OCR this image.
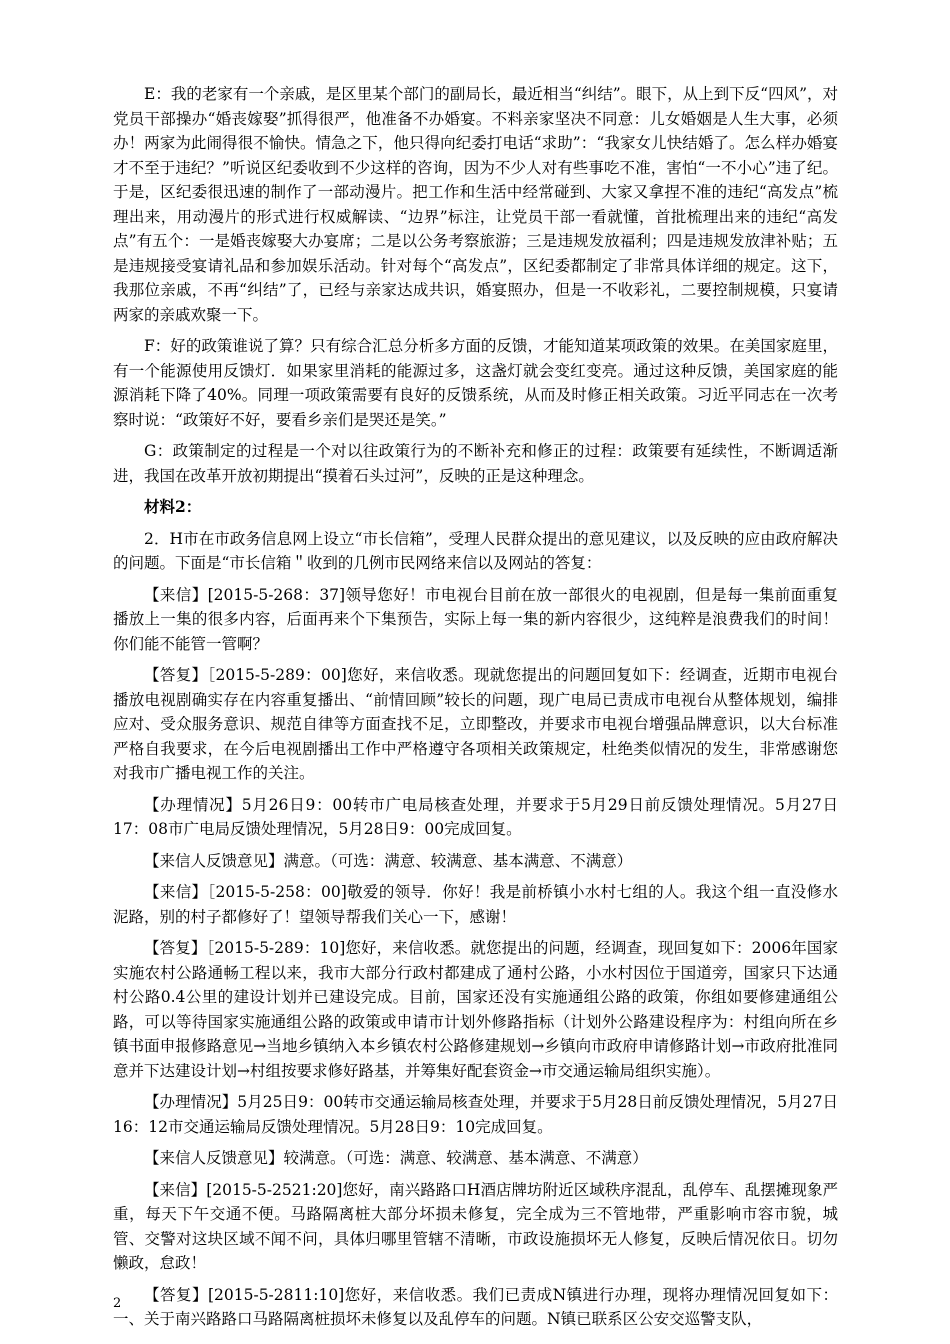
E：我的老家有一个亲戚，是区里某个部门的副局长，最近相当“纠结”。眼下，从上到下反“四风”，对党员干部操办“婚丧嫁娶”抓得很严，他准备不办婚宴。不料亲家坚决不同意：儿女婚姻是人生大事，必须办！两家为此闹得很不愉快。情急之下，他只得向纪委打电话“求助”：“我家女儿快结婚了。怎么样办婚宴才不至于违纪？”听说区纪委收到不少这样的咨询，因为不少人对有些事吃不准，害怕“一不小心”违了纪。于是，区纪委很迅速的制作了一部动漫片。把工作和生活中经常碰到、大家又拿捏不准的违纪“高发点”梳理出来，用动漫片的形式进行权威解读、“边界”标注，让党员干部一看就懂，首批梳理出来的违纪“高发点”有五个：一是婚丧嫁娶大办宴席；二是以公务考察旅游；三是违规发放福利；四是违规发放津补贴；五是违规接受宴请礼品和参加娱乐活动。针对每个“高发点”，区纪委都制定了非常具体详细的规定。这下，我那位亲戚，不再“纠结”了，已经与亲家达成共识，婚宴照办，但是一不收彩礼，二要控制规模，只宴请两家的亲戚欢聚一下。

F：好的政策谁说了算？只有综合汇总分析多方面的反馈，才能知道某项政策的效果。在美国家庭里，有一个能源使用反馈灯．如果家里消耗的能源过多，这盏灯就会变红变亮。通过这种反馈，美国家庭的能源消耗下降了40%。同理一项政策需要有良好的反馈系统，从而及时修正相关政策。习近平同志在一次考察时说：“政策好不好，要看乡亲们是哭还是笑。”

G：政策制定的过程是一个对以往政策行为的不断补充和修正的过程：政策要有延续性，不断调适渐进，我国在改革开放初期提出“摸着石头过河”，反映的正是这种理念。

材料2：

2．H市在市政务信息网上设立“市长信箱”，受理人民群众提出的意见建议，以及反映的应由政府解决的问题。下面是“市长信箱＂收到的几例市民网络来信以及网站的答复：

【来信】[2015-5-268：37]领导您好！市电视台目前在放一部很火的电视剧，但是每一集前面重复播放上一集的很多内容，后面再来个下集预告，实际上每一集的新内容很少，这纯粹是浪费我们的时间！你们能不能管一管啊？

【答复】［2015-5-289：00]您好，来信收悉。现就您提出的问题回复如下：经调查，近期市电视台播放电视剧确实存在内容重复播出、“前情回顾”较长的问题，现广电局已责成市电视台从整体规划，编排应对、受众服务意识、规范自律等方面查找不足，立即整改，并要求市电视台增强品牌意识，以大台标准严格自我要求，在今后电视剧播出工作中严格遵守各项相关政策规定，杜绝类似情况的发生，非常感谢您对我市广播电视工作的关注。

【办理情况】5月26日9：00转市广电局核查处理，并要求于5月29日前反馈处理情况。5月27日17：08市广电局反馈处理情况，5月28日9：00完成回复。

【来信人反馈意见】满意。（可选：满意、较满意、基本满意、不满意）

【来信】［2015-5-258：00]敬爱的领导．你好！我是前桥镇小水村七组的人。我这个组一直没修水泥路，别的村子都修好了！望领导帮我们关心一下，感谢！

【答复】［2015-5-289：10]您好，来信收悉。就您提出的问题，经调查，现回复如下：2006年国家实施农村公路通畅工程以来，我市大部分行政村都建成了通村公路，小水村因位于国道旁，国家只下达通村公路0.4公里的建设计划并已建设完成。目前，国家还没有实施通组公路的政策，你组如要修建通组公路，可以等待国家实施通组公路的政策或申请市计划外修路指标（计划外公路建设程序为：村组向所在乡镇书面申报修路意见→当地乡镇纳入本乡镇农村公路修建规划→乡镇向市政府申请修路计划→市政府批准同意并下达建设计划→村组按要求修好路基，并筹集好配套资金→市交通运输局组织实施）。

【办理情况】5月25日9：00转市交通运输局核查处理，并要求于5月28日前反馈处理情况，5月27日16：12市交通运输局反馈处理情况。5月28日9：10完成回复。

【来信人反馈意见】较满意。（可选：满意、较满意、基本满意、不满意）

【来信】[2015-5-2521:20]您好，南兴路路口H酒店牌坊附近区域秩序混乱，乱停车、乱摆摊现象严重，每天下午交通不便。马路隔离桩大部分坏损未修复，完全成为三不管地带，严重影响市容市貌，城管、交警对这块区域不闻不问，具体归哪里管辖不清晰，市政设施损坏无人修复，反映后情况依日。切勿懒政，怠政！

【答复】[2015-5-2811:10]您好，来信收悉。我们已责成N镇进行办理，现将办理情况回复如下：一、关于南兴路路口马路隔离桩损坏未修复以及乱停车的问题。N镇已联系区公安交巡警支队，

2
